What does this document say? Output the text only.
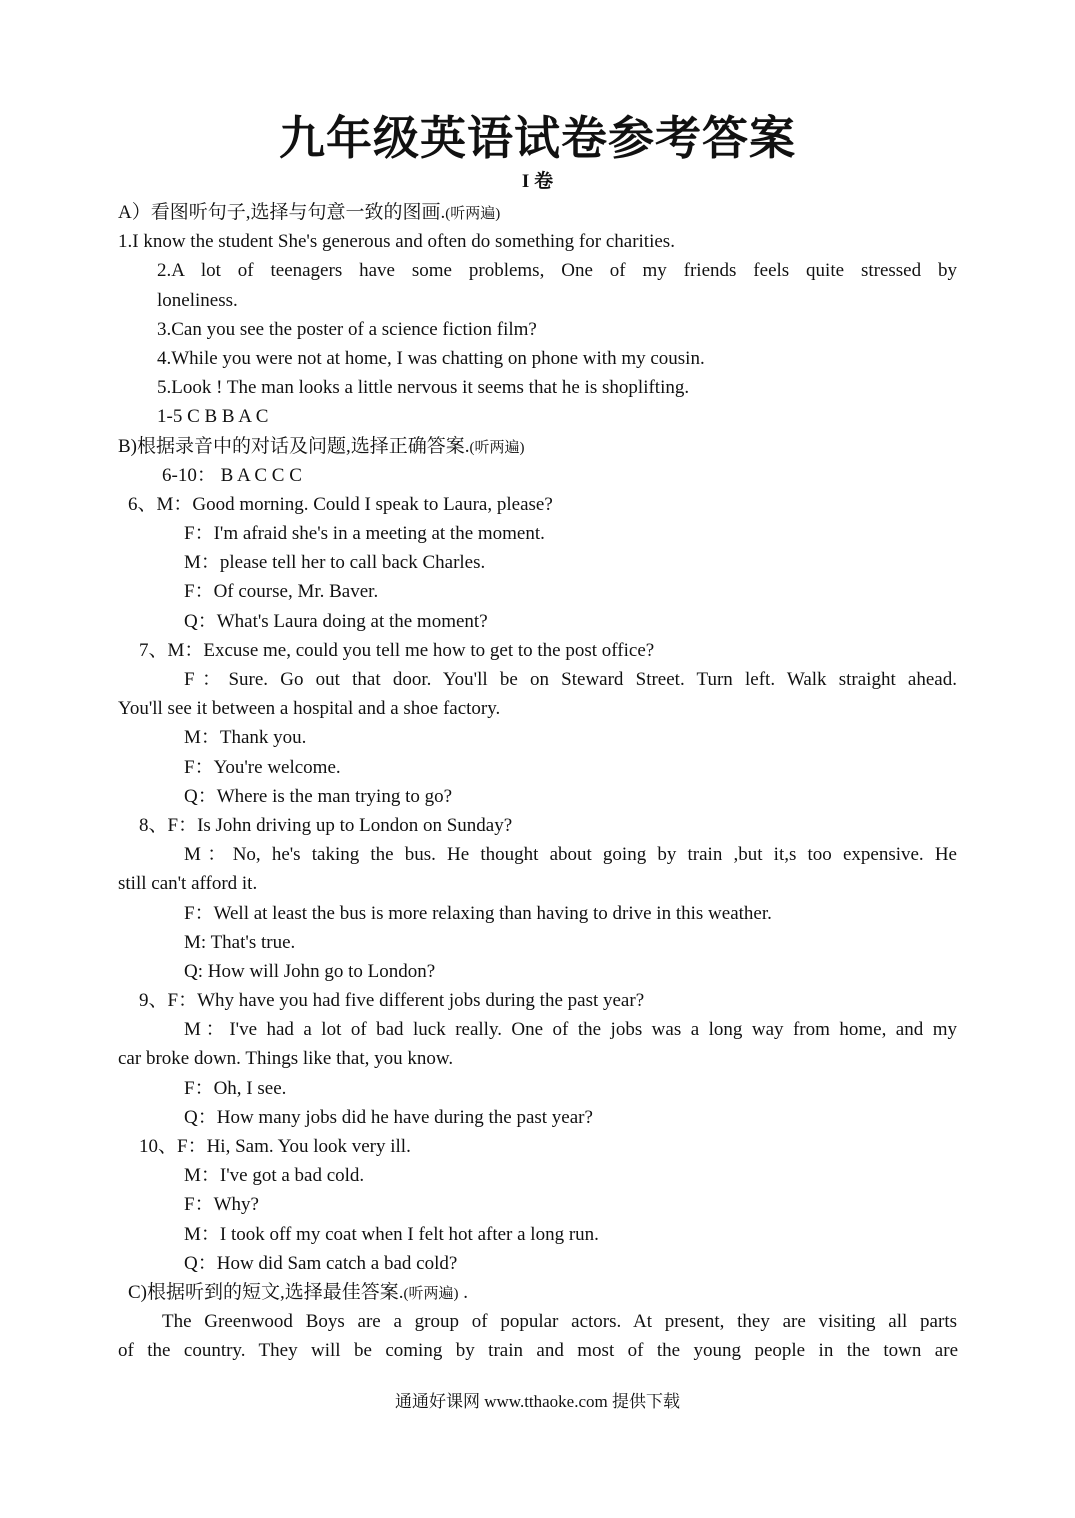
九年级英语试卷参考答案
I 卷
A）看图听句子,选择与句意一致的图画.(听两遍)
1.I know the student She's generous and often do something for charities.
2.A lot of teenagers have some problems, One of my friends feels quite stressed by
loneliness.
3.Can you see the poster of a science fiction film?
4.While you were not at home, I was chatting on phone with my cousin.
5.Look ! The man looks a little nervous it seems that he is shoplifting.
1-5 C B B A C
B)根据录音中的对话及问题,选择正确答案.(听两遍)
6-10： B A C C C
6、M：Good morning. Could I speak to Laura, please?
F：I'm afraid she's in a meeting at the moment.
M：please tell her to call back Charles.
F：Of course, Mr. Baver.
Q：What's Laura doing at the moment?
7、M：Excuse me, could you tell me how to get to the post office?
F：Sure. Go out that door. You'll be on Steward Street. Turn left. Walk straight ahead.
You'll see it between a hospital and a shoe factory.
M：Thank you.
F：You're welcome.
Q：Where is the man trying to go?
8、F：Is John driving up to London on Sunday?
M：No, he's taking the bus. He thought about going by train ,but it,s too expensive. He
still can't afford it.
F：Well at least the bus is more relaxing than having to drive in this weather.
M: That's true.
Q: How will John go to London?
9、F：Why have you had five different jobs during the past year?
M：I've had a lot of bad luck really. One of the jobs was a long way from home, and my
car broke down. Things like that, you know.
F：Oh, I see.
Q：How many jobs did he have during the past year?
10、F：Hi, Sam. You look very ill.
M：I've got a bad cold.
F：Why?
M：I took off my coat when I felt hot after a long run.
Q：How did Sam catch a bad cold?
C)根据听到的短文,选择最佳答案.(听两遍) .
The Greenwood Boys are a group of popular actors. At present, they are visiting all parts
of the country. They will be coming by train and most of the young people in the town are
通通好课网 www.tthaoke.com 提供下载
